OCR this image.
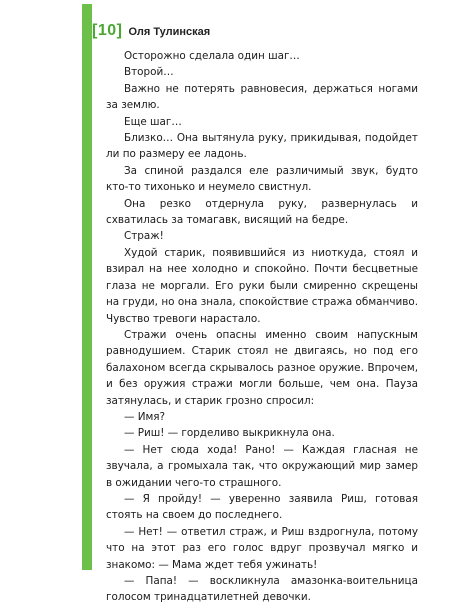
[10] Оля Тулинская

Осторожно сделала один шаг…

Второй…

Важно не потерять равновесия, держаться ногами за землю.

Еще шаг…

Близко… Она вытянула руку, прикидывая, подойдет ли по размеру ее ладонь.

За спиной раздался еле различимый звук, будто кто-то тихонько и неумело свистнул.

Она резко отдернула руку, развернулась и схватилась за томагавк, висящий на бедре.

Страж!

Худой старик, появившийся из ниоткуда, стоял и взирал на нее холодно и спокойно. Почти бесцветные глаза не моргали. Его руки были смиренно скрещены на груди, но она знала, спокойствие стража обманчиво. Чувство тревоги нарастало.

Стражи очень опасны именно своим напускным равнодушием. Старик стоял не двигаясь, но под его балахоном всегда скрывалось разное оружие. Впрочем, и без оружия стражи могли больше, чем она. Пауза затянулась, и старик грозно спросил:

— Имя?

— Риш! — горделиво выкрикнула она.

— Нет сюда хода! Рано! — Каждая гласная не звучала, а громыхала так, что окружающий мир замер в ожидании чего-то страшного.

— Я пройду! — уверенно заявила Риш, готовая стоять на своем до последнего.

— Нет! — ответил страж, и Риш вздрогнула, потому что на этот раз его голос вдруг прозвучал мягко и знакомо: — Мама ждет тебя ужинать!

— Папа! — воскликнула амазонка-воительница голосом тринадцатилетней девочки.
